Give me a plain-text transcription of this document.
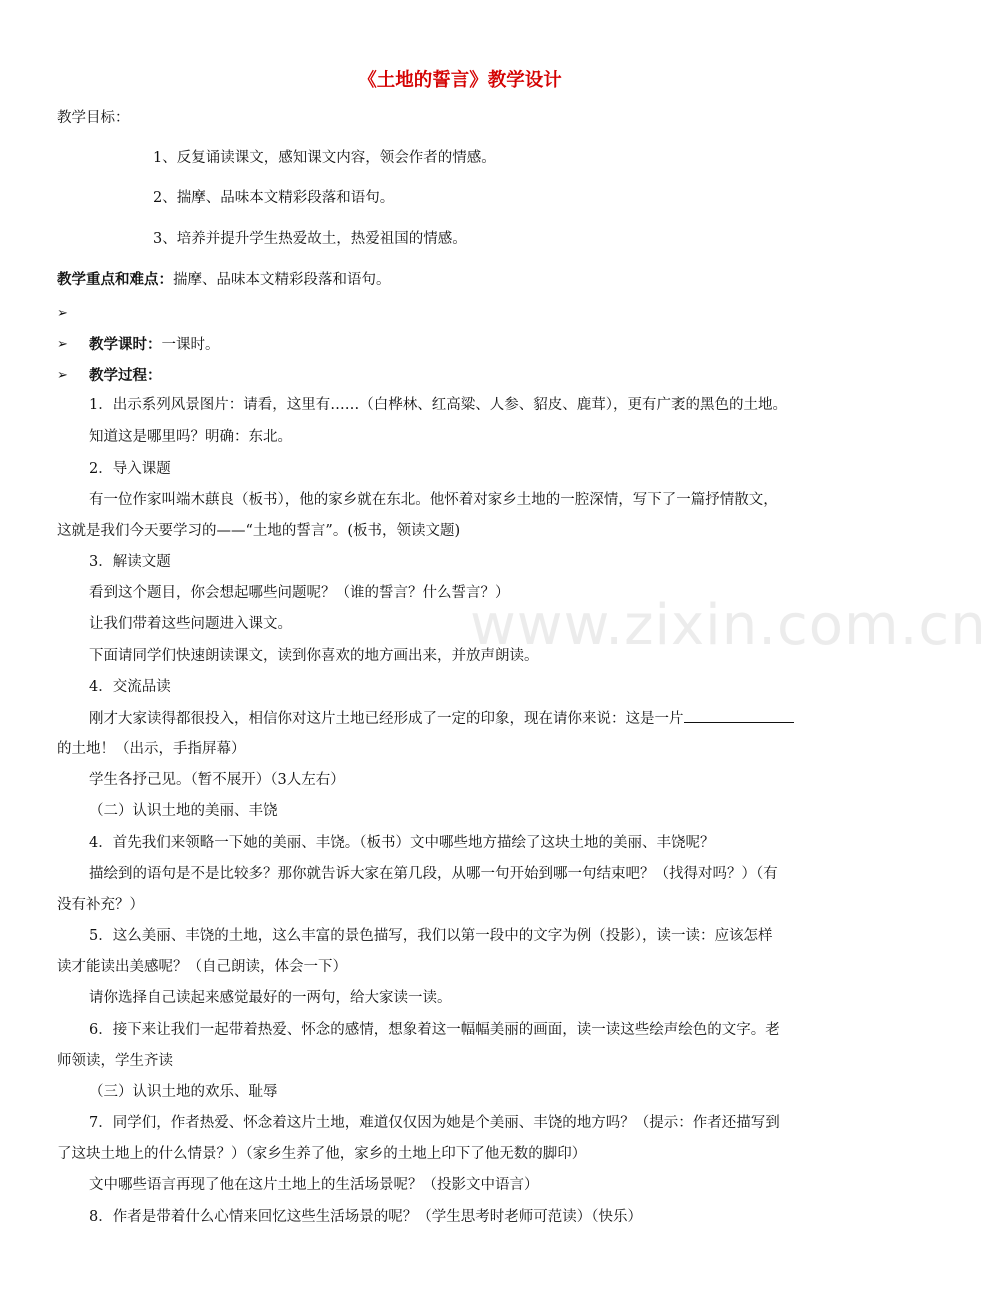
《土地的誓言》教学设计
教学目标：
1、反复诵读课文，感知课文内容，领会作者的情感。
2、揣摩、品味本文精彩段落和语句。
3、培养并提升学生热爱故土，热爱祖国的情感。
教学重点和难点：揣摩、品味本文精彩段落和语句。
➢
➢ 教学课时：一课时。
➢ 教学过程：
1．出示系列风景图片：请看，这里有……（白桦林、红高粱、人参、貂皮、鹿茸），更有广袤的黑色的土地。
知道这是哪里吗？明确：东北。
2．导入课题
有一位作家叫端木蕻良（板书），他的家乡就在东北。他怀着对家乡土地的一腔深情，写下了一篇抒情散文，
这就是我们今天要学习的——“土地的誓言”。(板书，领读文题)
3．解读文题
看到这个题目，你会想起哪些问题呢？（谁的誓言？什么誓言？）
让我们带着这些问题进入课文。
下面请同学们快速朗读课文，读到你喜欢的地方画出来，并放声朗读。
4．交流品读
刚才大家读得都很投入，相信你对这片土地已经形成了一定的印象，现在请你来说：这是一片
的土地！（出示，手指屏幕）
学生各抒己见。（暂不展开）（3人左右）
（二）认识土地的美丽、丰饶
4．首先我们来领略一下她的美丽、丰饶。（板书）文中哪些地方描绘了这块土地的美丽、丰饶呢？
描绘到的语句是不是比较多？那你就告诉大家在第几段，从哪一句开始到哪一句结束吧？（找得对吗？）（有
没有补充？）
5．这么美丽、丰饶的土地，这么丰富的景色描写，我们以第一段中的文字为例（投影），读一读：应该怎样
读才能读出美感呢？（自己朗读，体会一下）
请你选择自己读起来感觉最好的一两句，给大家读一读。
6．接下来让我们一起带着热爱、怀念的感情，想象着这一幅幅美丽的画面，读一读这些绘声绘色的文字。老
师领读，学生齐读
（三）认识土地的欢乐、耻辱
7．同学们，作者热爱、怀念着这片土地，难道仅仅因为她是个美丽、丰饶的地方吗？（提示：作者还描写到
了这块土地上的什么情景？）（家乡生养了他，家乡的土地上印下了他无数的脚印）
文中哪些语言再现了他在这片土地上的生活场景呢？（投影文中语言）
8．作者是带着什么心情来回忆这些生活场景的呢？（学生思考时老师可范读）（快乐）
www.zixin.com.cn
